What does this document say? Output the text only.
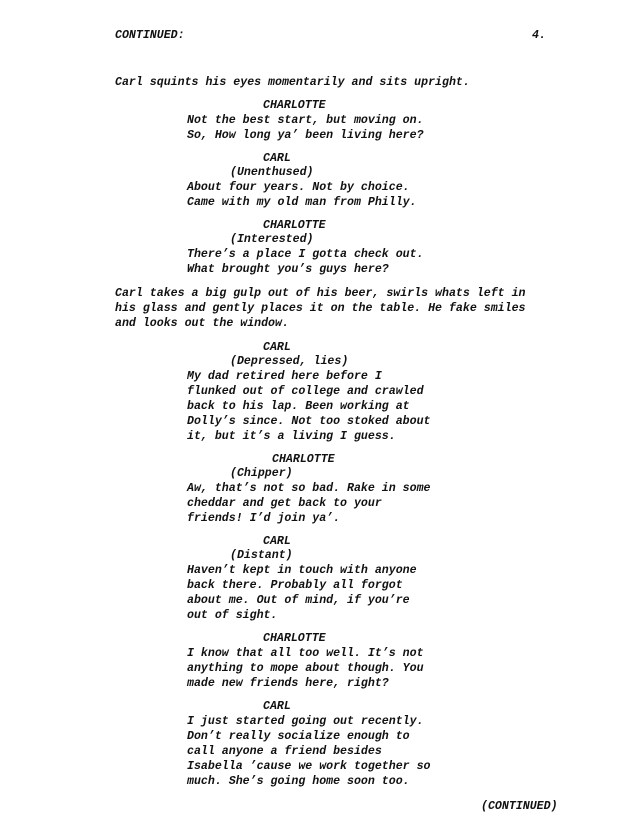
CONTINUED:	4.
Carl squints his eyes momentarily and sits upright.
CHARLOTTE
Not the best start, but moving on.
So, How long ya’ been living here?
CARL
(Unenthused)
About four years. Not by choice.
Came with my old man from Philly.
CHARLOTTE
(Interested)
There’s a place I gotta check out.
What brought you’s guys here?
Carl takes a big gulp out of his beer, swirls whats left in
his glass and gently places it on the table. He fake smiles
and looks out the window.
CARL
(Depressed, lies)
My dad retired here before I
flunked out of college and crawled
back to his lap. Been working at
Dolly’s since. Not too stoked about
it, but it’s a living I guess.
CHARLOTTE
(Chipper)
Aw, that’s not so bad. Rake in some
cheddar and get back to your
friends! I’d join ya’.
CARL
(Distant)
Haven’t kept in touch with anyone
back there. Probably all forgot
about me. Out of mind, if you’re
out of sight.
CHARLOTTE
I know that all too well. It’s not
anything to mope about though. You
made new friends here, right?
CARL
I just started going out recently.
Don’t really socialize enough to
call anyone a friend besides
Isabella ’cause we work together so
much. She’s going home soon too.
(CONTINUED)
